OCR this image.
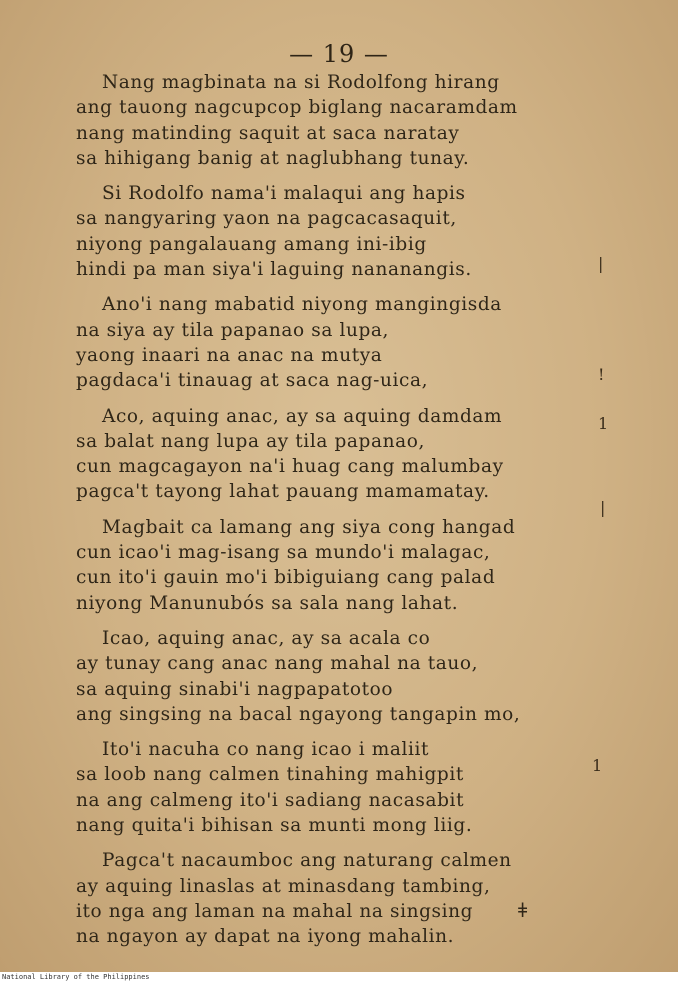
— 19 —
Nang magbinata na si Rodolfong hirang
ang tauong nagcupcop biglang nacaramdam
nang matinding saquit at saca naratay
sa hihigang banig at naglubhang tunay.
Si Rodolfo nama'i malaqui ang hapis
sa nangyaring yaon na pagcacasaquit,
niyong pangalauang amang ini-ibig
hindi pa man siya'i laguing nananangis.
Ano'i nang mabatid niyong mangingisda
na siya ay tila papanao sa lupa,
yaong inaari na anac na mutya
pagdaca'i tinauag at saca nag-uica,
Aco, aquing anac, ay sa aquing damdam
sa balat nang lupa ay tila papanao,
cun magcagayon na'i huag cang malumbay
pagca't tayong lahat pauang mamamatay.
Magbait ca lamang ang siya cong hangad
cun icao'i mag-isang sa mundo'i malagac,
cun ito'i gauin mo'i bibiguiang cang palad
niyong Manunubós sa sala nang lahat.
Icao, aquing anac, ay sa acala co
ay tunay cang anac nang mahal na tauo,
sa aquing sinabi'i nagpapatotoo
ang singsing na bacal ngayong tangapin mo,
Ito'i nacuha co nang icao i maliit
sa loob nang calmen tinahing mahigpit
na ang calmeng ito'i sadiang nacasabit
nang quita'i bihisan sa munti mong liig.
Pagca't nacaumboc ang naturang calmen
ay aquing linaslas at minasdang tambing,
ito nga ang laman na mahal na singsing
na ngayon ay dapat na iyong mahalin.
|
!
1
|
1
ǂ
National Library of the Philippines
